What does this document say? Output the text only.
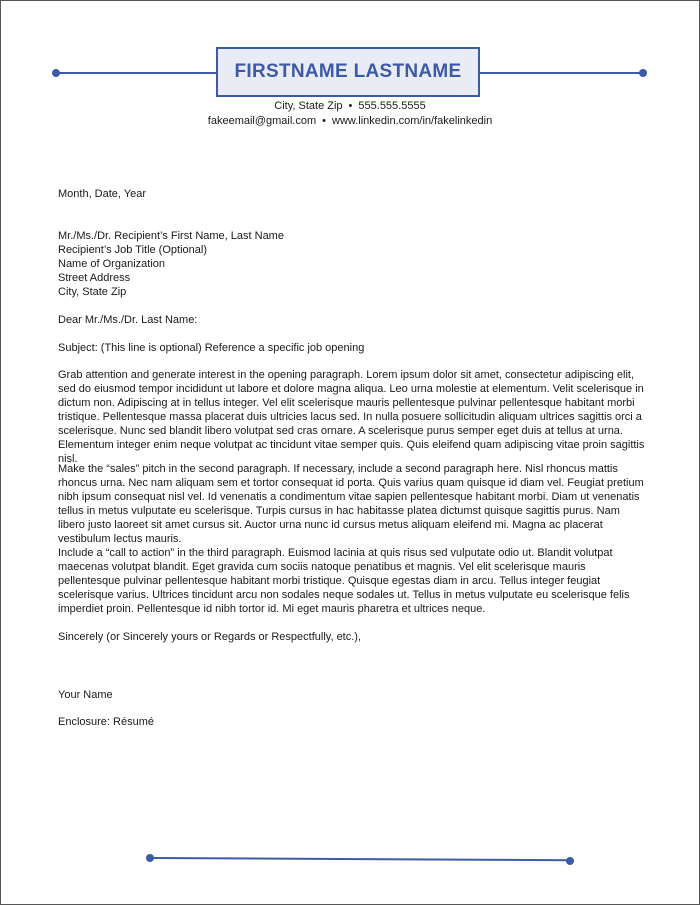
FIRSTNAME LASTNAME
City, State Zip • 555.555.5555
fakeemail@gmail.com • www.linkedin.com/in/fakelinkedin

Month, Date, Year

Mr./Ms./Dr. Recipient’s First Name, Last Name
Recipient’s Job Title (Optional)
Name of Organization
Street Address
City, State Zip

Dear Mr./Ms./Dr. Last Name:

Subject: (This line is optional) Reference a specific job opening

Grab attention and generate interest in the opening paragraph. Lorem ipsum dolor sit amet, consectetur adipiscing elit, sed do eiusmod tempor incididunt ut labore et dolore magna aliqua. Leo urna molestie at elementum. Velit scelerisque in dictum non. Adipiscing at in tellus integer. Vel elit scelerisque mauris pellentesque pulvinar pellentesque habitant morbi tristique. Pellentesque massa placerat duis ultricies lacus sed. In nulla posuere sollicitudin aliquam ultrices sagittis orci a scelerisque. Nunc sed blandit libero volutpat sed cras ornare. A scelerisque purus semper eget duis at tellus at urna. Elementum integer enim neque volutpat ac tincidunt vitae semper quis. Quis eleifend quam adipiscing vitae proin sagittis nisl.

Make the “sales” pitch in the second paragraph. If necessary, include a second paragraph here. Nisl rhoncus mattis rhoncus urna. Nec nam aliquam sem et tortor consequat id porta. Quis varius quam quisque id diam vel. Feugiat pretium nibh ipsum consequat nisl vel. Id venenatis a condimentum vitae sapien pellentesque habitant morbi. Diam ut venenatis tellus in metus vulputate eu scelerisque. Turpis cursus in hac habitasse platea dictumst quisque sagittis purus. Nam libero justo laoreet sit amet cursus sit. Auctor urna nunc id cursus metus aliquam eleifend mi. Magna ac placerat vestibulum lectus mauris.

Include a “call to action” in the third paragraph. Euismod lacinia at quis risus sed vulputate odio ut. Blandit volutpat maecenas volutpat blandit. Eget gravida cum sociis natoque penatibus et magnis. Vel elit scelerisque mauris pellentesque pulvinar pellentesque habitant morbi tristique. Quisque egestas diam in arcu. Tellus integer feugiat scelerisque varius. Ultrices tincidunt arcu non sodales neque sodales ut. Tellus in metus vulputate eu scelerisque felis imperdiet proin. Pellentesque id nibh tortor id. Mi eget mauris pharetra et ultrices neque.

Sincerely (or Sincerely yours or Regards or Respectfully, etc.),

Your Name

Enclosure: Résumé
